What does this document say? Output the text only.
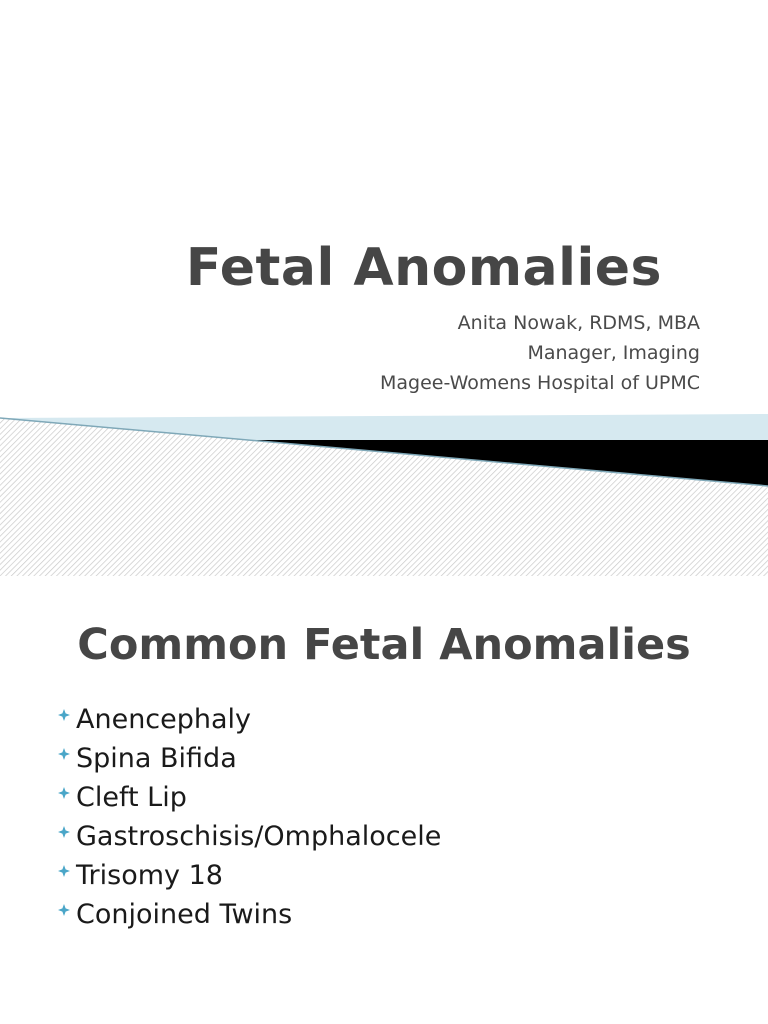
Fetal Anomalies
Anita Nowak, RDMS, MBA
Manager, Imaging
Magee-Womens Hospital of UPMC
Common Fetal Anomalies
Anencephaly
Spina Bifida
Cleft Lip
Gastroschisis/Omphalocele
Trisomy 18
Conjoined Twins
